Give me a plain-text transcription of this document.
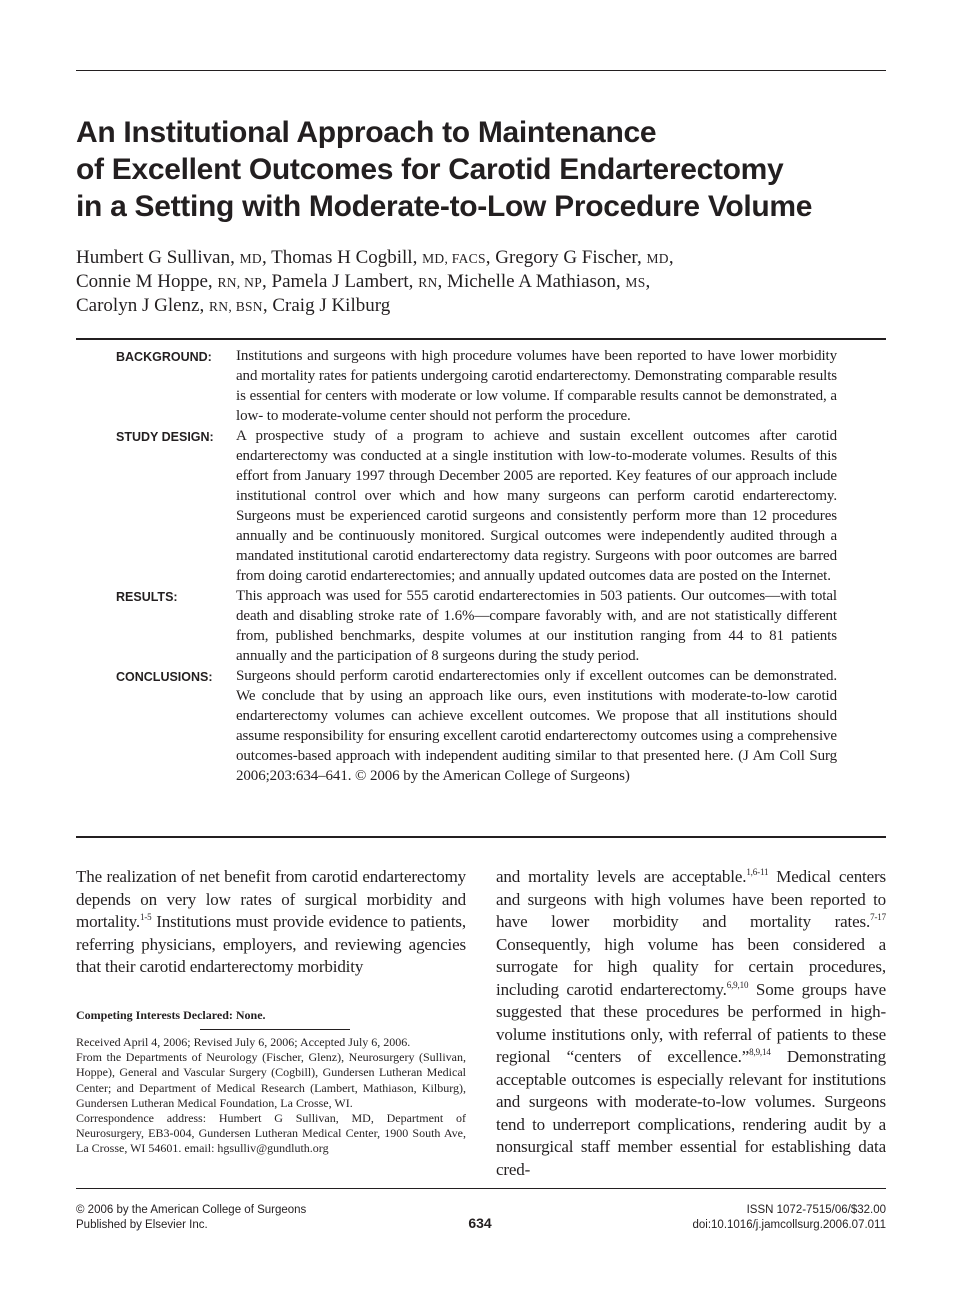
An Institutional Approach to Maintenance
of Excellent Outcomes for Carotid Endarterectomy
in a Setting with Moderate-to-Low Procedure Volume
Humbert G Sullivan, MD, Thomas H Cogbill, MD, FACS, Gregory G Fischer, MD,
Connie M Hoppe, RN, NP, Pamela J Lambert, RN, Michelle A Mathiason, MS,
Carolyn J Glenz, RN, BSN, Craig J Kilburg
BACKGROUND:	Institutions and surgeons with high procedure volumes have been reported to have lower morbidity and mortality rates for patients undergoing carotid endarterectomy. Demonstrating comparable results is essential for centers with moderate or low volume. If comparable results cannot be demonstrated, a low- to moderate-volume center should not perform the procedure.
STUDY DESIGN:	A prospective study of a program to achieve and sustain excellent outcomes after carotid endarterectomy was conducted at a single institution with low-to-moderate volumes. Results of this effort from January 1997 through December 2005 are reported. Key features of our approach include institutional control over which and how many surgeons can perform carotid endarterectomy. Surgeons must be experienced carotid surgeons and consistently perform more than 12 procedures annually and be continuously monitored. Surgical outcomes were independently audited through a mandated institutional carotid endarterectomy data registry. Surgeons with poor outcomes are barred from doing carotid endarterectomies; and annually updated outcomes data are posted on the Internet.
RESULTS:	This approach was used for 555 carotid endarterectomies in 503 patients. Our outcomes—with total death and disabling stroke rate of 1.6%—compare favorably with, and are not statistically different from, published benchmarks, despite volumes at our institution ranging from 44 to 81 patients annually and the participation of 8 surgeons during the study period.
CONCLUSIONS:	Surgeons should perform carotid endarterectomies only if excellent outcomes can be demonstrated. We conclude that by using an approach like ours, even institutions with moderate-to-low carotid endarterectomy volumes can achieve excellent outcomes. We propose that all institutions should assume responsibility for ensuring excellent carotid endarterectomy outcomes using a comprehensive outcomes-based approach with independent auditing similar to that presented here. (J Am Coll Surg 2006;203:634–641. © 2006 by the American College of Surgeons)
The realization of net benefit from carotid endarterectomy depends on very low rates of surgical morbidity and mortality.$^{1-5}$ Institutions must provide evidence to patients, referring physicians, employers, and reviewing agencies that their carotid endarterectomy morbidity
and mortality levels are acceptable.$^{1,6-11}$ Medical centers and surgeons with high volumes have been reported to have lower morbidity and mortality rates.$^{7-17}$ Consequently, high volume has been considered a surrogate for high quality for certain procedures, including carotid endarterectomy.$^{6,9,10}$ Some groups have suggested that these procedures be performed in high-volume institutions only, with referral of patients to these regional “centers of excellence.”$^{8,9,14}$ Demonstrating acceptable outcomes is especially relevant for institutions and surgeons with moderate-to-low volumes. Surgeons tend to underreport complications, rendering audit by a nonsurgical staff member essential for establishing data cred-
Competing Interests Declared: None.
Received April 4, 2006; Revised July 6, 2006; Accepted July 6, 2006.
From the Departments of Neurology (Fischer, Glenz), Neurosurgery (Sullivan, Hoppe), General and Vascular Surgery (Cogbill), Gundersen Lutheran Medical Center; and Department of Medical Research (Lambert, Mathiason, Kilburg), Gundersen Lutheran Medical Foundation, La Crosse, WI.
Correspondence address: Humbert G Sullivan, MD, Department of Neurosurgery, EB3-004, Gundersen Lutheran Medical Center, 1900 South Ave, La Crosse, WI 54601. email: hgsulliv@gundluth.org
© 2006 by the American College of Surgeons
Published by Elsevier Inc.	634
ISSN 1072-7515/06/$32.00
doi:10.1016/j.jamcollsurg.2006.07.011
